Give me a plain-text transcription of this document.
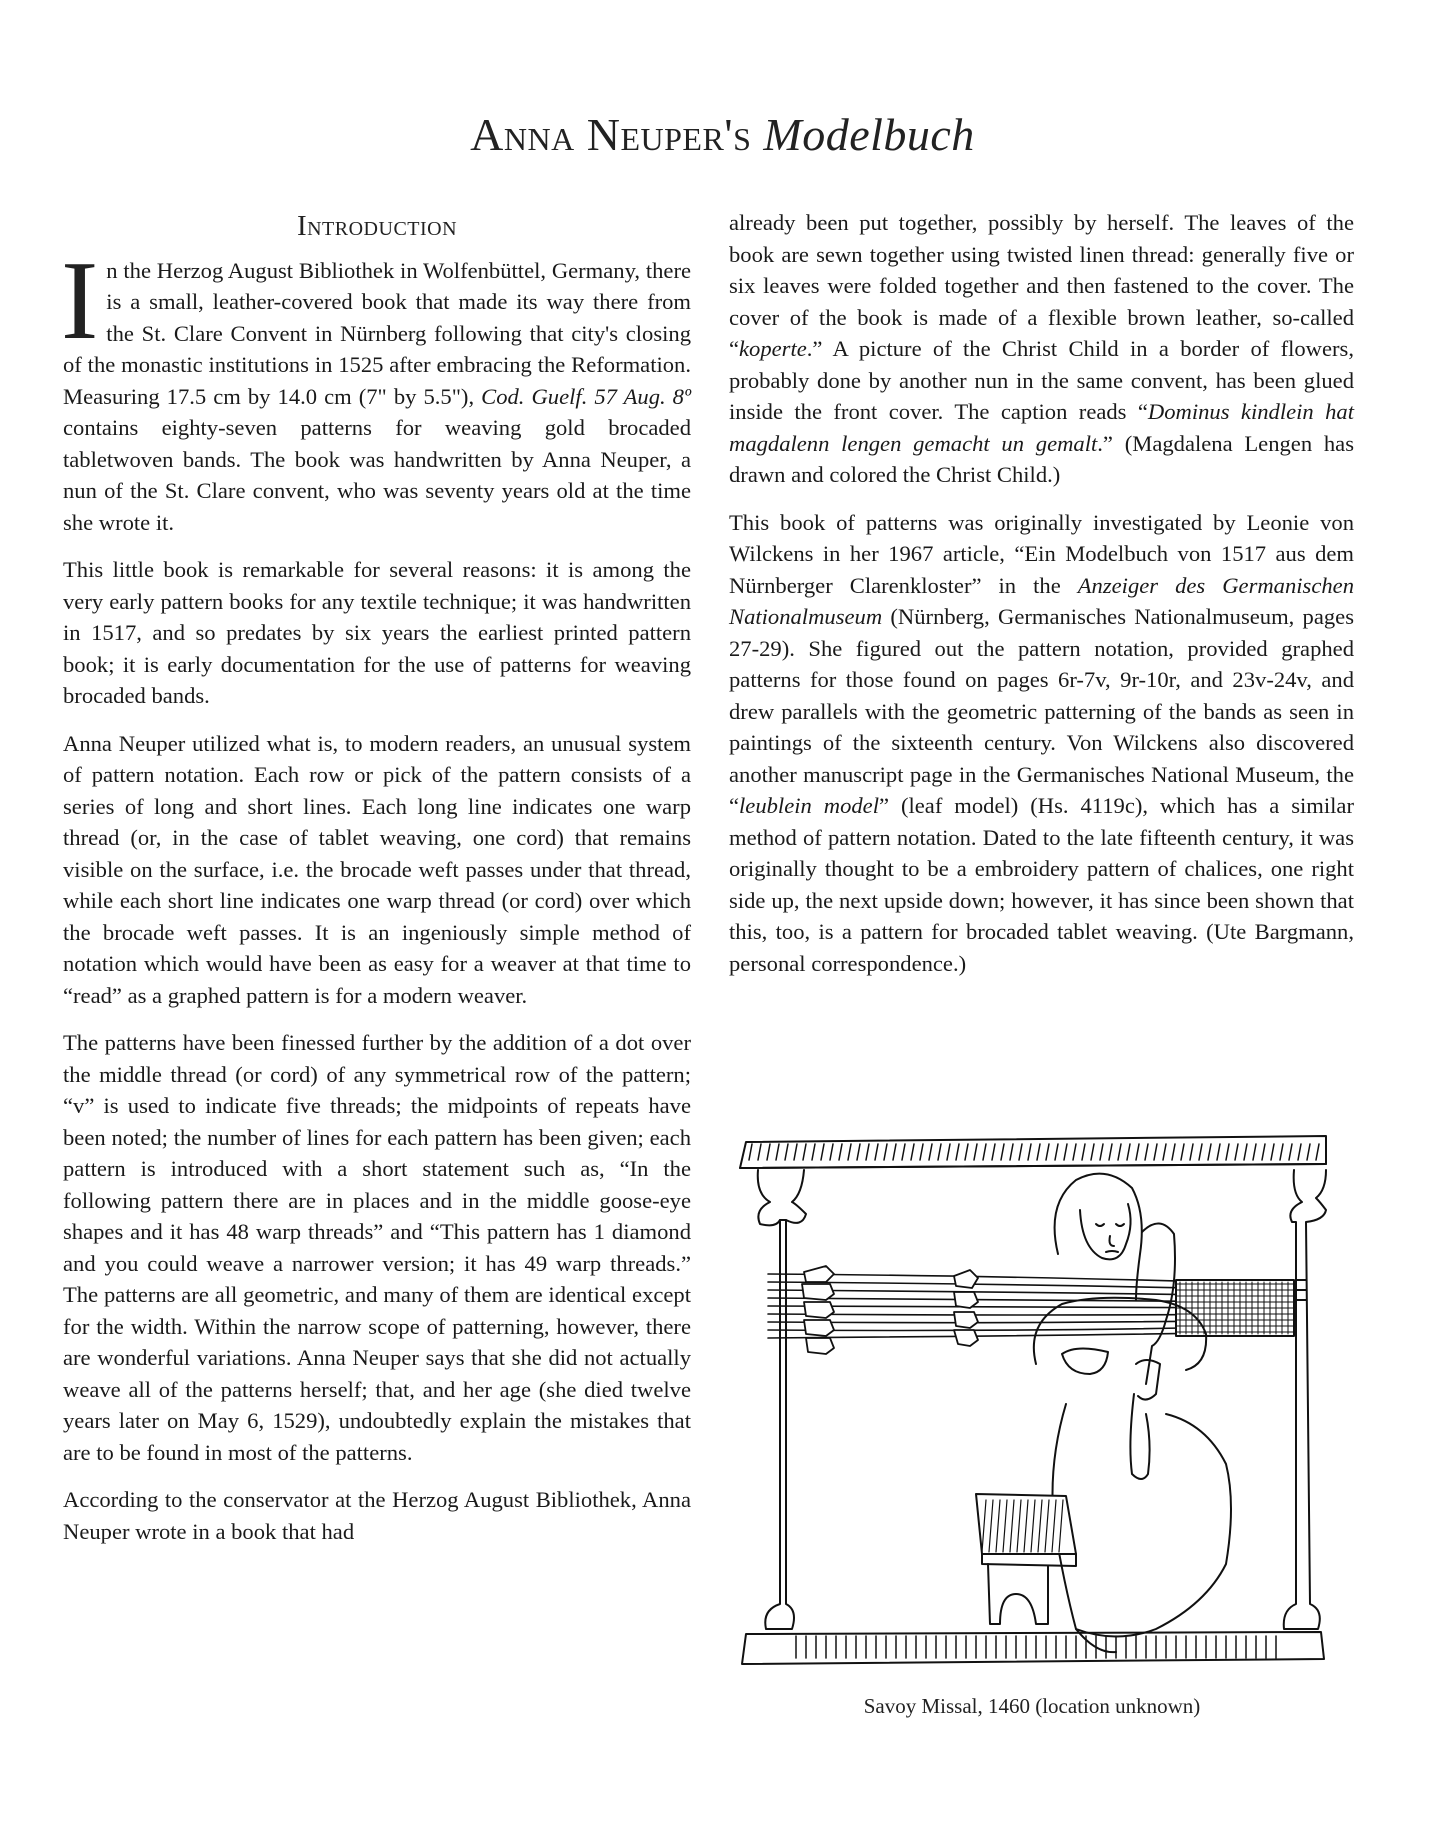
Anna Neuper's Modelbuch
Introduction

In the Herzog August Bibliothek in Wolfenbüttel, Germany, there is a small, leather-covered book that made its way there from the St. Clare Convent in Nürnberg following that city's closing of the monastic institutions in 1525 after embracing the Reformation. Measuring 17.5 cm by 14.0 cm (7" by 5.5"), Cod. Guelf. 57 Aug. 8º contains eighty-seven patterns for weaving gold brocaded tabletwoven bands. The book was handwritten by Anna Neuper, a nun of the St. Clare convent, who was seventy years old at the time she wrote it.

This little book is remarkable for several reasons: it is among the very early pattern books for any textile technique; it was handwritten in 1517, and so predates by six years the earliest printed pattern book; it is early documentation for the use of patterns for weaving brocaded bands.

Anna Neuper utilized what is, to modern readers, an unusual system of pattern notation. Each row or pick of the pattern consists of a series of long and short lines. Each long line indicates one warp thread (or, in the case of tablet weaving, one cord) that remains visible on the surface, i.e. the brocade weft passes under that thread, while each short line indicates one warp thread (or cord) over which the brocade weft passes. It is an ingeniously simple method of notation which would have been as easy for a weaver at that time to “read” as a graphed pattern is for a modern weaver.

The patterns have been finessed further by the addition of a dot over the middle thread (or cord) of any symmetrical row of the pattern; “v” is used to indicate five threads; the midpoints of repeats have been noted; the number of lines for each pattern has been given; each pattern is introduced with a short statement such as, “In the following pattern there are in places and in the middle goose-eye shapes and it has 48 warp threads” and “This pattern has 1 diamond and you could weave a narrower version; it has 49 warp threads.” The patterns are all geometric, and many of them are identical except for the width. Within the narrow scope of patterning, however, there are wonderful variations. Anna Neuper says that she did not actually weave all of the patterns herself; that, and her age (she died twelve years later on May 6, 1529), undoubtedly explain the mistakes that are to be found in most of the patterns.

According to the conservator at the Herzog August Bibliothek, Anna Neuper wrote in a book that had

already been put together, possibly by herself. The leaves of the book are sewn together using twisted linen thread: generally five or six leaves were folded together and then fastened to the cover. The cover of the book is made of a flexible brown leather, so-called “koperte.” A picture of the Christ Child in a border of flowers, probably done by another nun in the same convent, has been glued inside the front cover. The caption reads “Dominus kindlein hat magdalenn lengen gemacht un gemalt.” (Magdalena Lengen has drawn and colored the Christ Child.)

This book of patterns was originally investigated by Leonie von Wilckens in her 1967 article, “Ein Modelbuch von 1517 aus dem Nürnberger Clarenkloster” in the Anzeiger des Germanischen Nationalmuseum (Nürnberg, Germanisches Nationalmuseum, pages 27-29). She figured out the pattern notation, provided graphed patterns for those found on pages 6r-7v, 9r-10r, and 23v-24v, and drew parallels with the geometric patterning of the bands as seen in paintings of the sixteenth century. Von Wilckens also discovered another manuscript page in the Germanisches National Museum, the “leublein model” (leaf model) (Hs. 4119c), which has a similar method of pattern notation. Dated to the late fifteenth century, it was originally thought to be a embroidery pattern of chalices, one right side up, the next upside down; however, it has since been shown that this, too, is a pattern for brocaded tablet weaving. (Ute Bargmann, personal correspondence.)

Savoy Missal, 1460 (location unknown)
